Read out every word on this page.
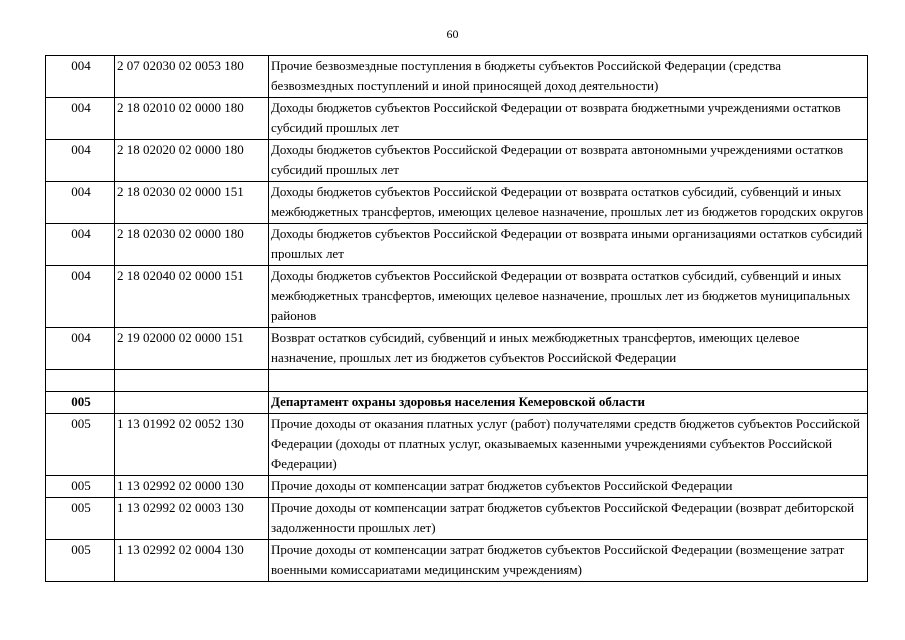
60
004	2 07 02030 02 0053 180	Прочие безвозмездные поступления в бюджеты субъектов Российской Федерации (средства безвозмездных поступлений и иной приносящей доход деятельности)
004	2 18 02010 02 0000 180	Доходы бюджетов субъектов Российской Федерации от возврата бюджетными учреждениями остатков субсидий прошлых лет
004	2 18 02020 02 0000 180	Доходы бюджетов субъектов Российской Федерации от возврата автономными учреждениями остатков субсидий прошлых лет
004	2 18 02030 02 0000 151	Доходы бюджетов субъектов Российской Федерации от возврата остатков субсидий, субвенций и иных межбюджетных трансфертов, имеющих целевое назначение, прошлых лет из бюджетов городских округов
004	2 18 02030 02 0000 180	Доходы бюджетов субъектов Российской Федерации от возврата иными организациями остатков субсидий прошлых лет
004	2 18 02040 02 0000 151	Доходы бюджетов субъектов Российской Федерации от возврата остатков субсидий, субвенций и иных межбюджетных трансфертов, имеющих целевое назначение, прошлых лет из бюджетов муниципальных районов
004	2 19 02000 02 0000 151	Возврат остатков субсидий, субвенций и иных межбюджетных трансфертов, имеющих целевое назначение, прошлых лет из бюджетов субъектов Российской Федерации

005		Департамент охраны здоровья населения Кемеровской области
005	1 13 01992 02 0052 130	Прочие доходы от оказания платных услуг (работ) получателями средств бюджетов субъектов Российской Федерации (доходы от платных услуг, оказываемых казенными учреждениями субъектов Российской Федерации)
005	1 13 02992 02 0000 130	Прочие доходы от компенсации затрат бюджетов субъектов Российской Федерации
005	1 13 02992 02 0003 130	Прочие доходы от компенсации затрат бюджетов субъектов Российской Федерации (возврат дебиторской задолженности прошлых лет)
005	1 13 02992 02 0004 130	Прочие доходы от компенсации затрат бюджетов субъектов Российской Федерации (возмещение затрат военными комиссариатами медицинским учреждениям)
